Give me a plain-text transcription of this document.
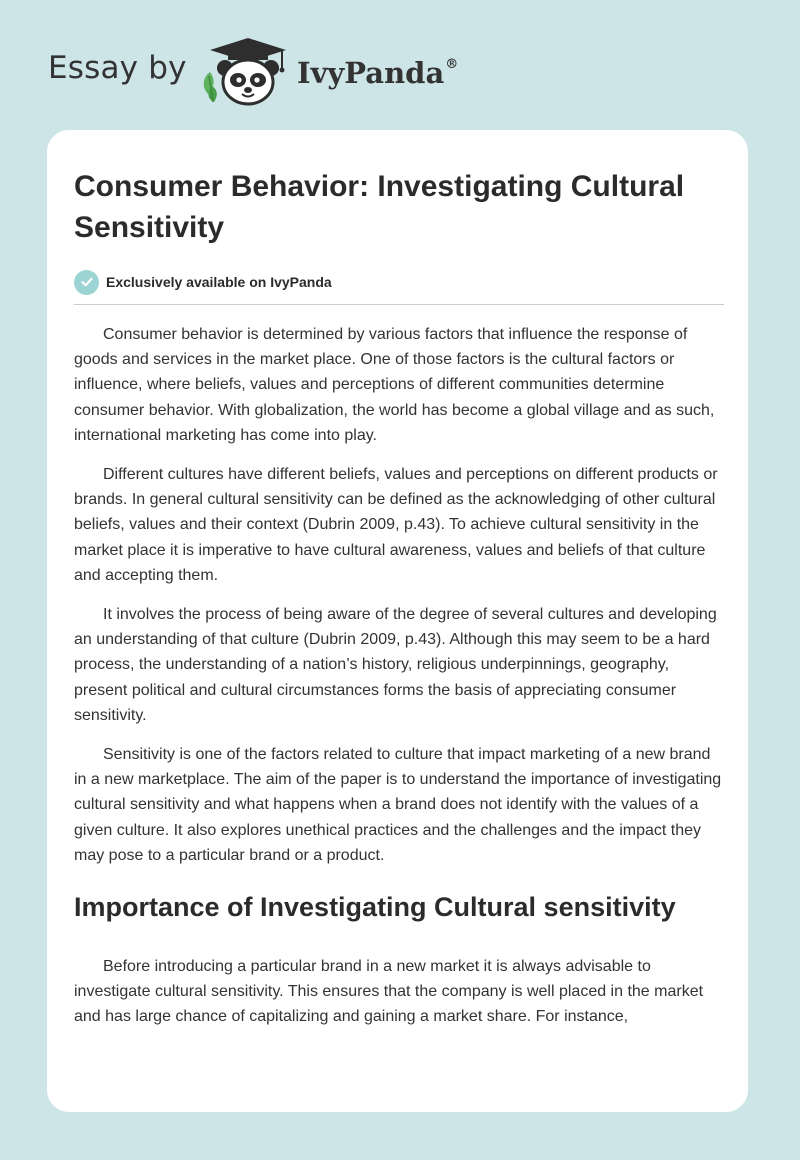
Essay by	IvyPanda®
Consumer Behavior: Investigating Cultural Sensitivity
Exclusively available on IvyPanda

Consumer behavior is determined by various factors that influence the response of goods and services in the market place. One of those factors is the cultural factors or influence, where beliefs, values and perceptions of different communities determine consumer behavior. With globalization, the world has become a global village and as such, international marketing has come into play.

Different cultures have different beliefs, values and perceptions on different products or brands. In general cultural sensitivity can be defined as the acknowledging of other cultural beliefs, values and their context (Dubrin 2009, p.43). To achieve cultural sensitivity in the market place it is imperative to have cultural awareness, values and beliefs of that culture and accepting them.

It involves the process of being aware of the degree of several cultures and developing an understanding of that culture (Dubrin 2009, p.43). Although this may seem to be a hard process, the understanding of a nation’s history, religious underpinnings, geography, present political and cultural circumstances forms the basis of appreciating consumer sensitivity.

Sensitivity is one of the factors related to culture that impact marketing of a new brand in a new marketplace. The aim of the paper is to understand the importance of investigating cultural sensitivity and what happens when a brand does not identify with the values of a given culture. It also explores unethical practices and the challenges and the impact they may pose to a particular brand or a product.

Importance of Investigating Cultural sensitivity

Before introducing a particular brand in a new market it is always advisable to investigate cultural sensitivity. This ensures that the company is well placed in the market and has large chance of capitalizing and gaining a market share. For instance,
